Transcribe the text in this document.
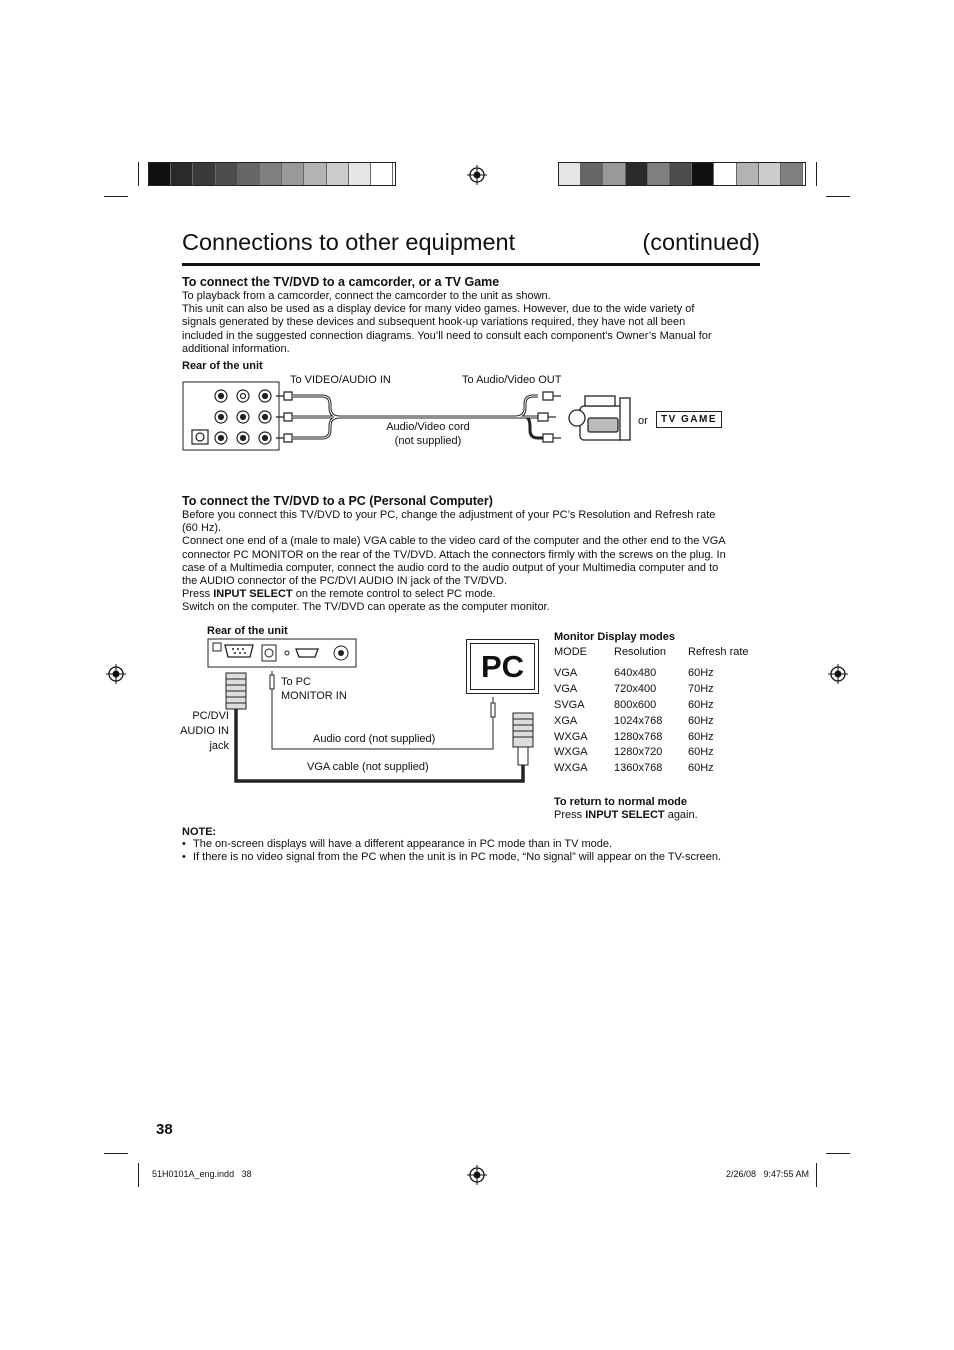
Connections to other equipment	(continued)
To connect the TV/DVD to a camcorder, or a TV Game
To playback from a camcorder, connect the camcorder to the unit as shown.
This unit can also be used as a display device for many video games. However, due to the wide variety of
signals generated by these devices and subsequent hook-up variations required, they have not all been
included in the suggested connection diagrams. You’ll need to consult each component’s Owner’s Manual for
additional information.
Rear of the unit
To VIDEO/AUDIO IN	To Audio/Video OUT
Audio/Video cord
(not supplied)
or	TV GAME
To connect the TV/DVD to a PC (Personal Computer)
Before you connect this TV/DVD to your PC, change the adjustment of your PC’s Resolution and Refresh rate
(60 Hz).
Connect one end of a (male to male) VGA cable to the video card of the computer and the other end to the VGA
connector PC MONITOR on the rear of the TV/DVD. Attach the connectors firmly with the screws on the plug. In
case of a Multimedia computer, connect the audio cord to the audio output of your Multimedia computer and to
the AUDIO connector of the PC/DVI AUDIO IN jack of the TV/DVD.
Press INPUT SELECT on the remote control to select PC mode.
Switch on the computer. The TV/DVD can operate as the computer monitor.
Rear of the unit
PC
To PC
MONITOR IN
PC/DVI
AUDIO IN
jack
Audio cord (not supplied)
VGA cable (not supplied)
Monitor Display modes
MODE	Resolution	Refresh rate
VGA	640x480	60Hz
VGA	720x400	70Hz
SVGA	800x600	60Hz
XGA	1024x768	60Hz
WXGA	1280x768	60Hz
WXGA	1280x720	60Hz
WXGA	1360x768	60Hz
To return to normal mode
Press INPUT SELECT again.
NOTE:
• The on-screen displays will have a different appearance in PC mode than in TV mode.
• If there is no video signal from the PC when the unit is in PC mode, “No signal” will appear on the TV-screen.
38
51H0101A_eng.indd   38	2/26/08   9:47:55 AM
